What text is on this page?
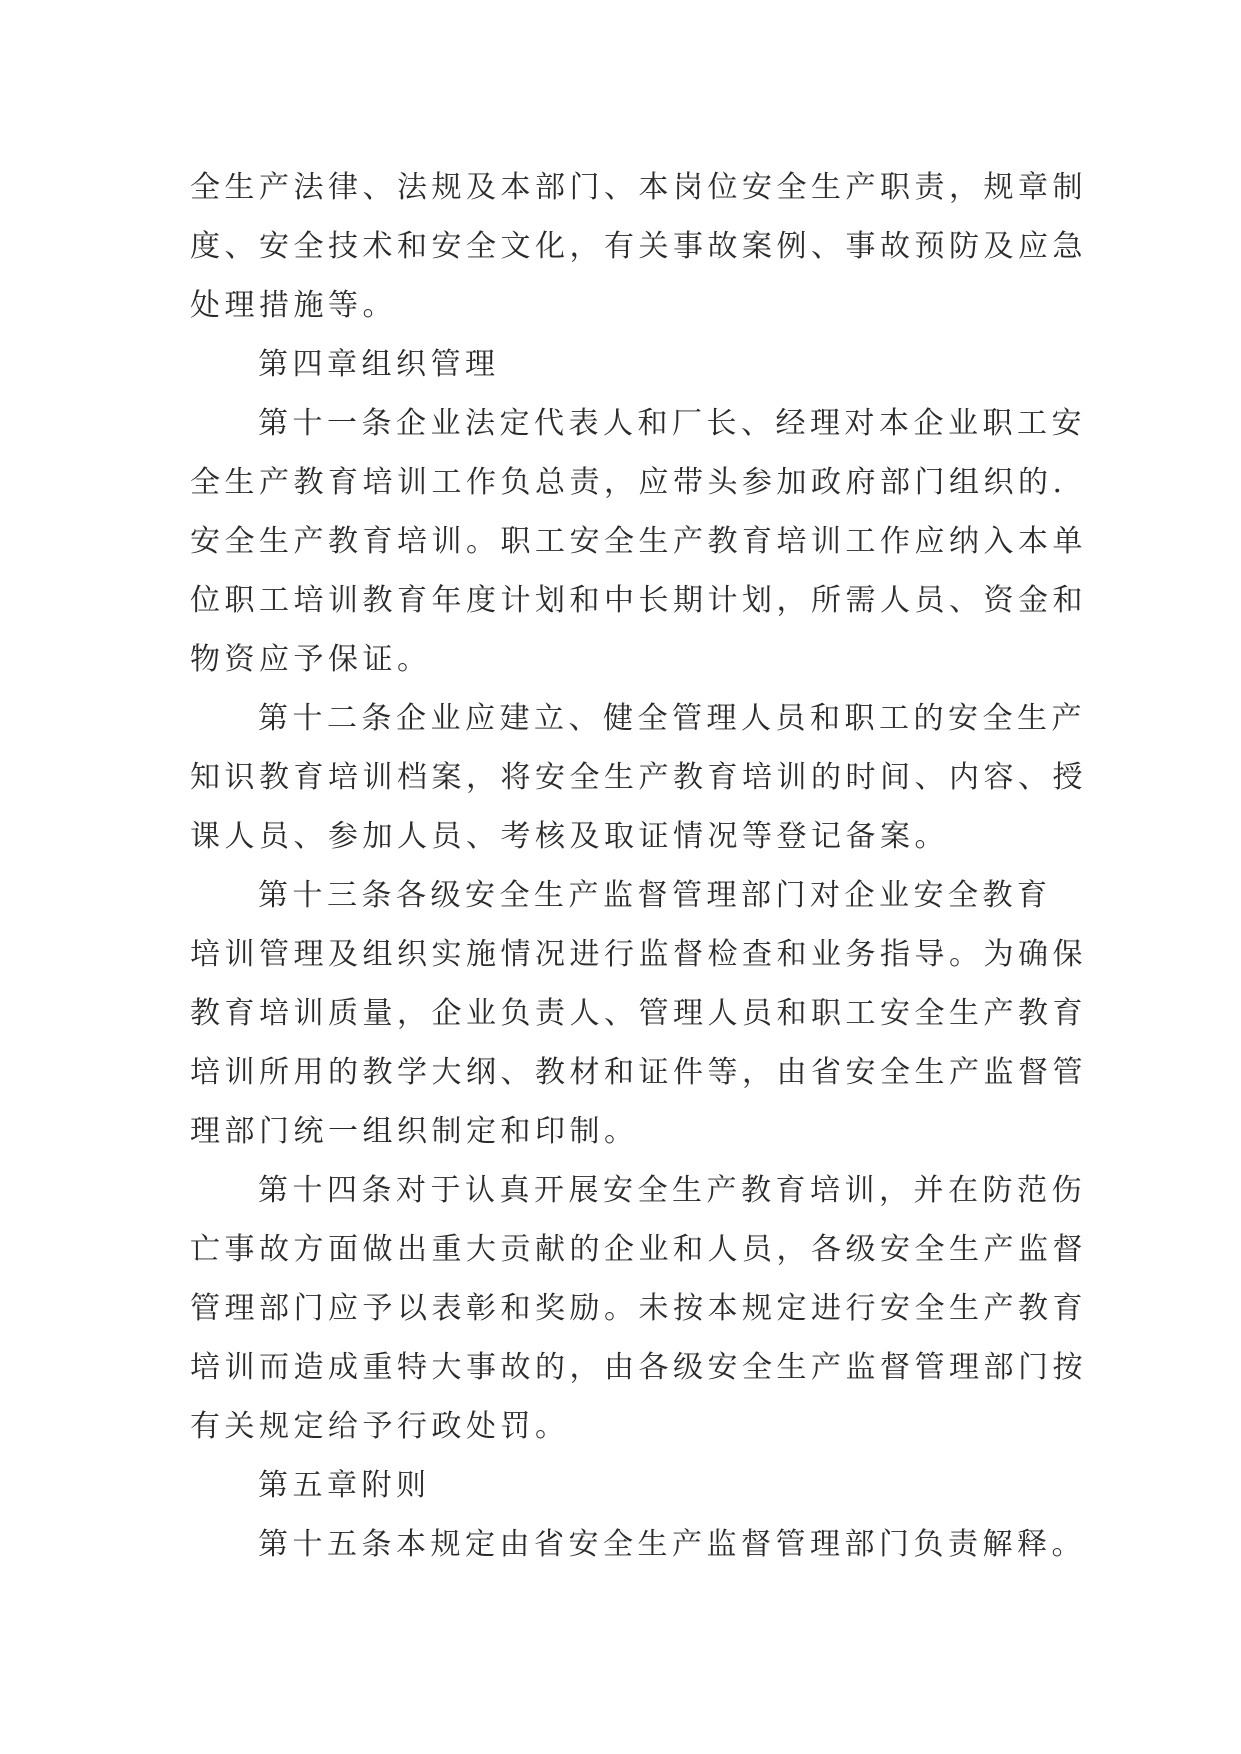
全生产法律、法规及本部门、本岗位安全生产职责，规章制
度、安全技术和安全文化，有关事故案例、事故预防及应急
处理措施等。
第四章组织管理
第十一条企业法定代表人和厂长、经理对本企业职工安
全生产教育培训工作负总责，应带头参加政府部门组织的.
安全生产教育培训。职工安全生产教育培训工作应纳入本单
位职工培训教育年度计划和中长期计划，所需人员、资金和
物资应予保证。
第十二条企业应建立、健全管理人员和职工的安全生产
知识教育培训档案，将安全生产教育培训的时间、内容、授
课人员、参加人员、考核及取证情况等登记备案。
第十三条各级安全生产监督管理部门对企业安全教育
培训管理及组织实施情况进行监督检查和业务指导。为确保
教育培训质量，企业负责人、管理人员和职工安全生产教育
培训所用的教学大纲、教材和证件等，由省安全生产监督管
理部门统一组织制定和印制。
第十四条对于认真开展安全生产教育培训，并在防范伤
亡事故方面做出重大贡献的企业和人员，各级安全生产监督
管理部门应予以表彰和奖励。未按本规定进行安全生产教育
培训而造成重特大事故的，由各级安全生产监督管理部门按
有关规定给予行政处罚。
第五章附则
第十五条本规定由省安全生产监督管理部门负责解释。
